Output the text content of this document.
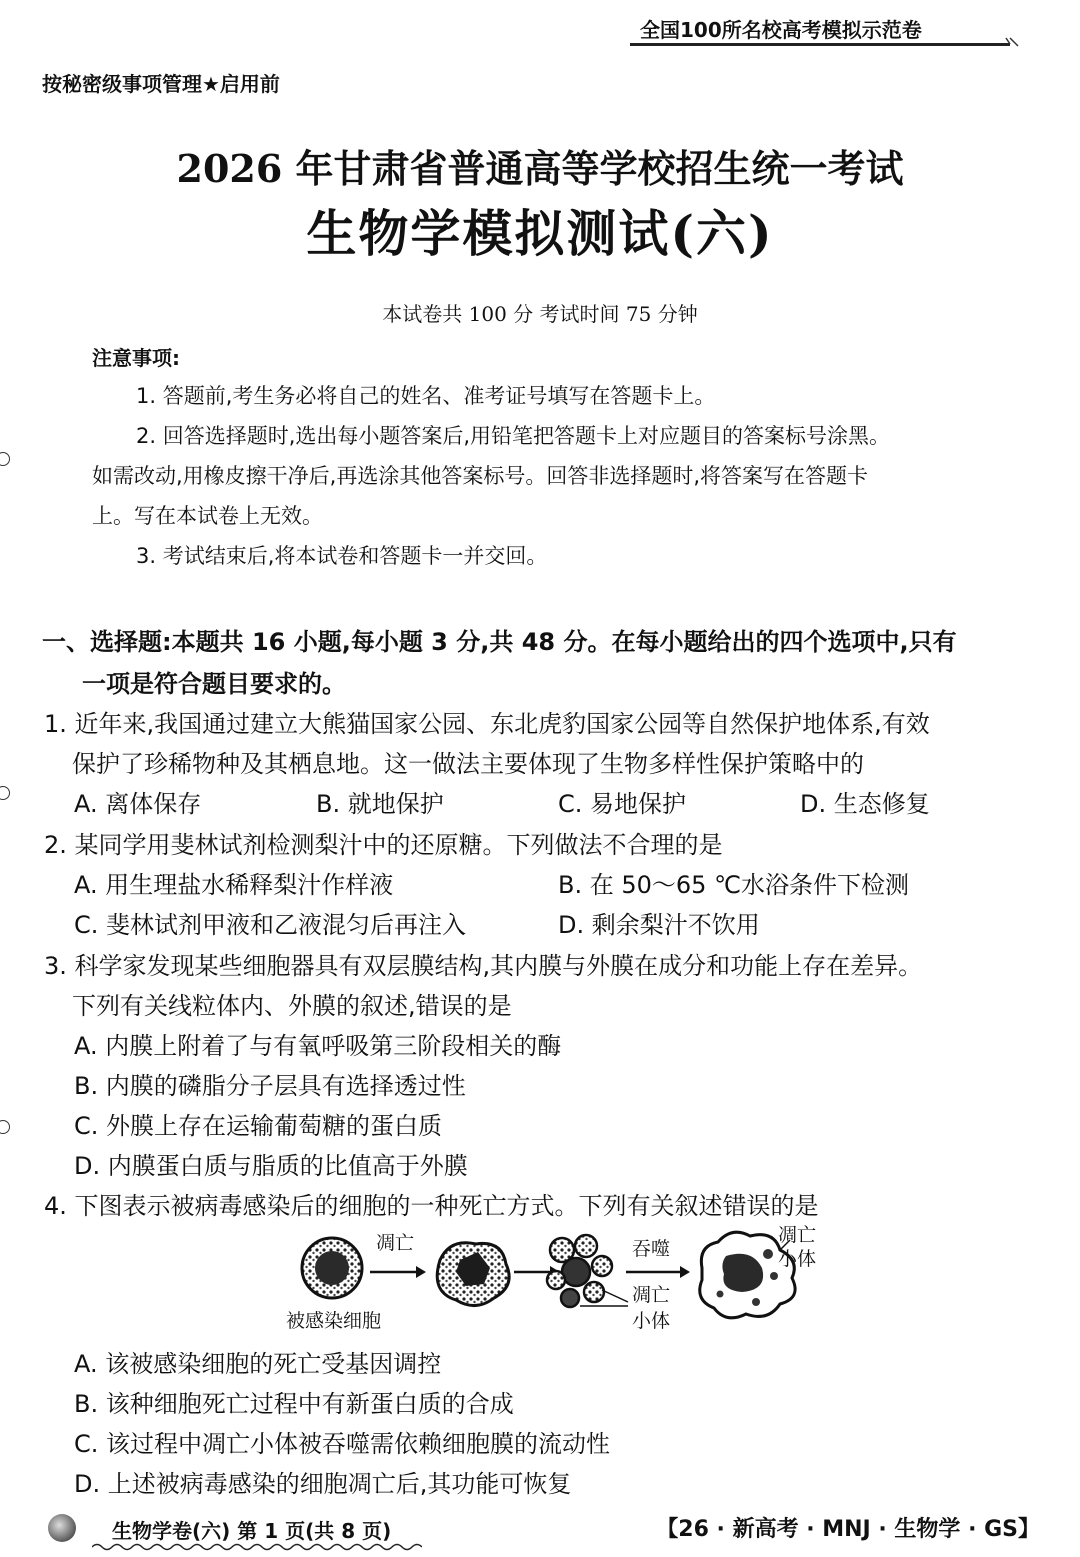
全国100所名校高考模拟示范卷
按秘密级事项管理★启用前
2026 年甘肃省普通高等学校招生统一考试
生物学模拟测试(六)
本试卷共 100 分 考试时间 75 分钟
注意事项:
1. 答题前,考生务必将自己的姓名、准考证号填写在答题卡上。
2. 回答选择题时,选出每小题答案后,用铅笔把答题卡上对应题目的答案标号涂黑。
如需改动,用橡皮擦干净后,再选涂其他答案标号。回答非选择题时,将答案写在答题卡
上。写在本试卷上无效。
3. 考试结束后,将本试卷和答题卡一并交回。
一、选择题:本题共 16 小题,每小题 3 分,共 48 分。在每小题给出的四个选项中,只有
一项是符合题目要求的。
1. 近年来,我国通过建立大熊猫国家公园、东北虎豹国家公园等自然保护地体系,有效
保护了珍稀物种及其栖息地。这一做法主要体现了生物多样性保护策略中的
A. 离体保存	B. 就地保护	C. 易地保护	D. 生态修复
2. 某同学用斐林试剂检测梨汁中的还原糖。下列做法不合理的是
A. 用生理盐水稀释梨汁作样液	B. 在 50～65 ℃水浴条件下检测
C. 斐林试剂甲液和乙液混匀后再注入	D. 剩余梨汁不饮用
3. 科学家发现某些细胞器具有双层膜结构,其内膜与外膜在成分和功能上存在差异。
下列有关线粒体内、外膜的叙述,错误的是
A. 内膜上附着了与有氧呼吸第三阶段相关的酶
B. 内膜的磷脂分子层具有选择透过性
C. 外膜上存在运输葡萄糖的蛋白质
D. 内膜蛋白质与脂质的比值高于外膜
4. 下图表示被病毒感染后的细胞的一种死亡方式。下列有关叙述错误的是
凋亡
被感染细胞
吞噬
凋亡
小体
凋亡
小体
A. 该被感染细胞的死亡受基因调控
B. 该种细胞死亡过程中有新蛋白质的合成
C. 该过程中凋亡小体被吞噬需依赖细胞膜的流动性
D. 上述被病毒感染的细胞凋亡后,其功能可恢复
生物学卷(六) 第 1 页(共 8 页)	【26 · 新高考 · MNJ · 生物学 · GS】
